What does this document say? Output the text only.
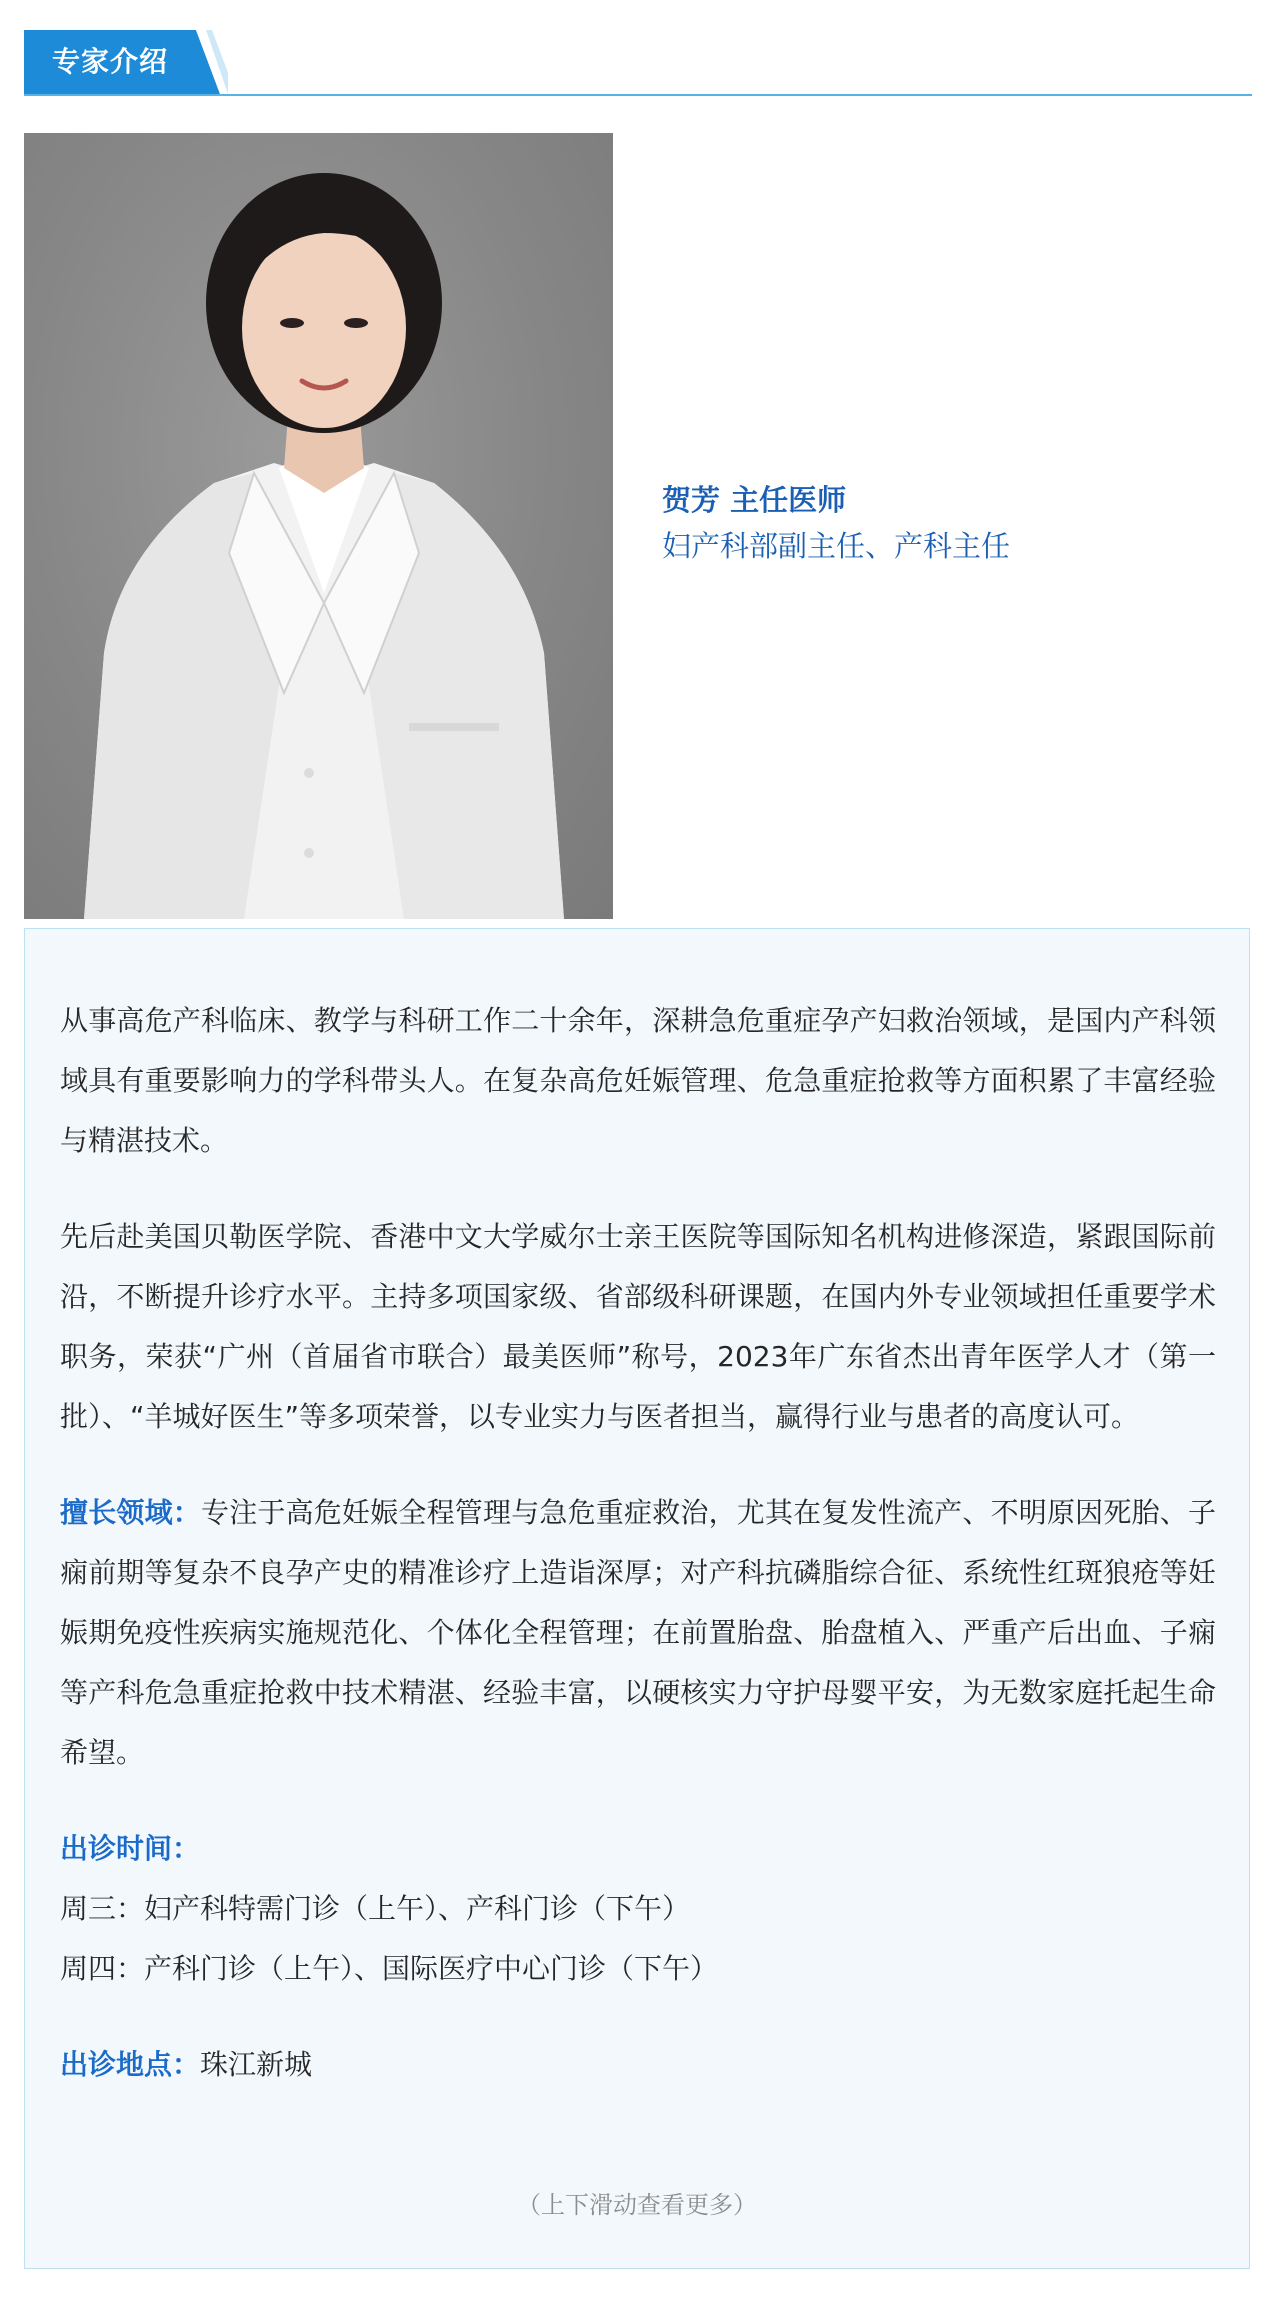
专家介绍
贺芳 主任医师
妇产科部副主任、产科主任

从事高危产科临床、教学与科研工作二十余年，深耕急危重症孕产妇救治领域，是国内产科领域具有重要影响力的学科带头人。在复杂高危妊娠管理、危急重症抢救等方面积累了丰富经验与精湛技术。

先后赴美国贝勒医学院、香港中文大学威尔士亲王医院等国际知名机构进修深造，紧跟国际前沿，不断提升诊疗水平。主持多项国家级、省部级科研课题，在国内外专业领域担任重要学术职务，荣获“广州（首届省市联合）最美医师”称号，2023年广东省杰出青年医学人才（第一批）、“羊城好医生”等多项荣誉，以专业实力与医者担当，赢得行业与患者的高度认可。

擅长领域：专注于高危妊娠全程管理与急危重症救治，尤其在复发性流产、不明原因死胎、子痫前期等复杂不良孕产史的精准诊疗上造诣深厚；对产科抗磷脂综合征、系统性红斑狼疮等妊娠期免疫性疾病实施规范化、个体化全程管理；在前置胎盘、胎盘植入、严重产后出血、子痫等产科危急重症抢救中技术精湛、经验丰富，以硬核实力守护母婴平安，为无数家庭托起生命希望。

出诊时间：
周三：妇产科特需门诊（上午）、产科门诊（下午）
周四：产科门诊（上午）、国际医疗中心门诊（下午）
出诊地点：珠江新城
（上下滑动查看更多）
